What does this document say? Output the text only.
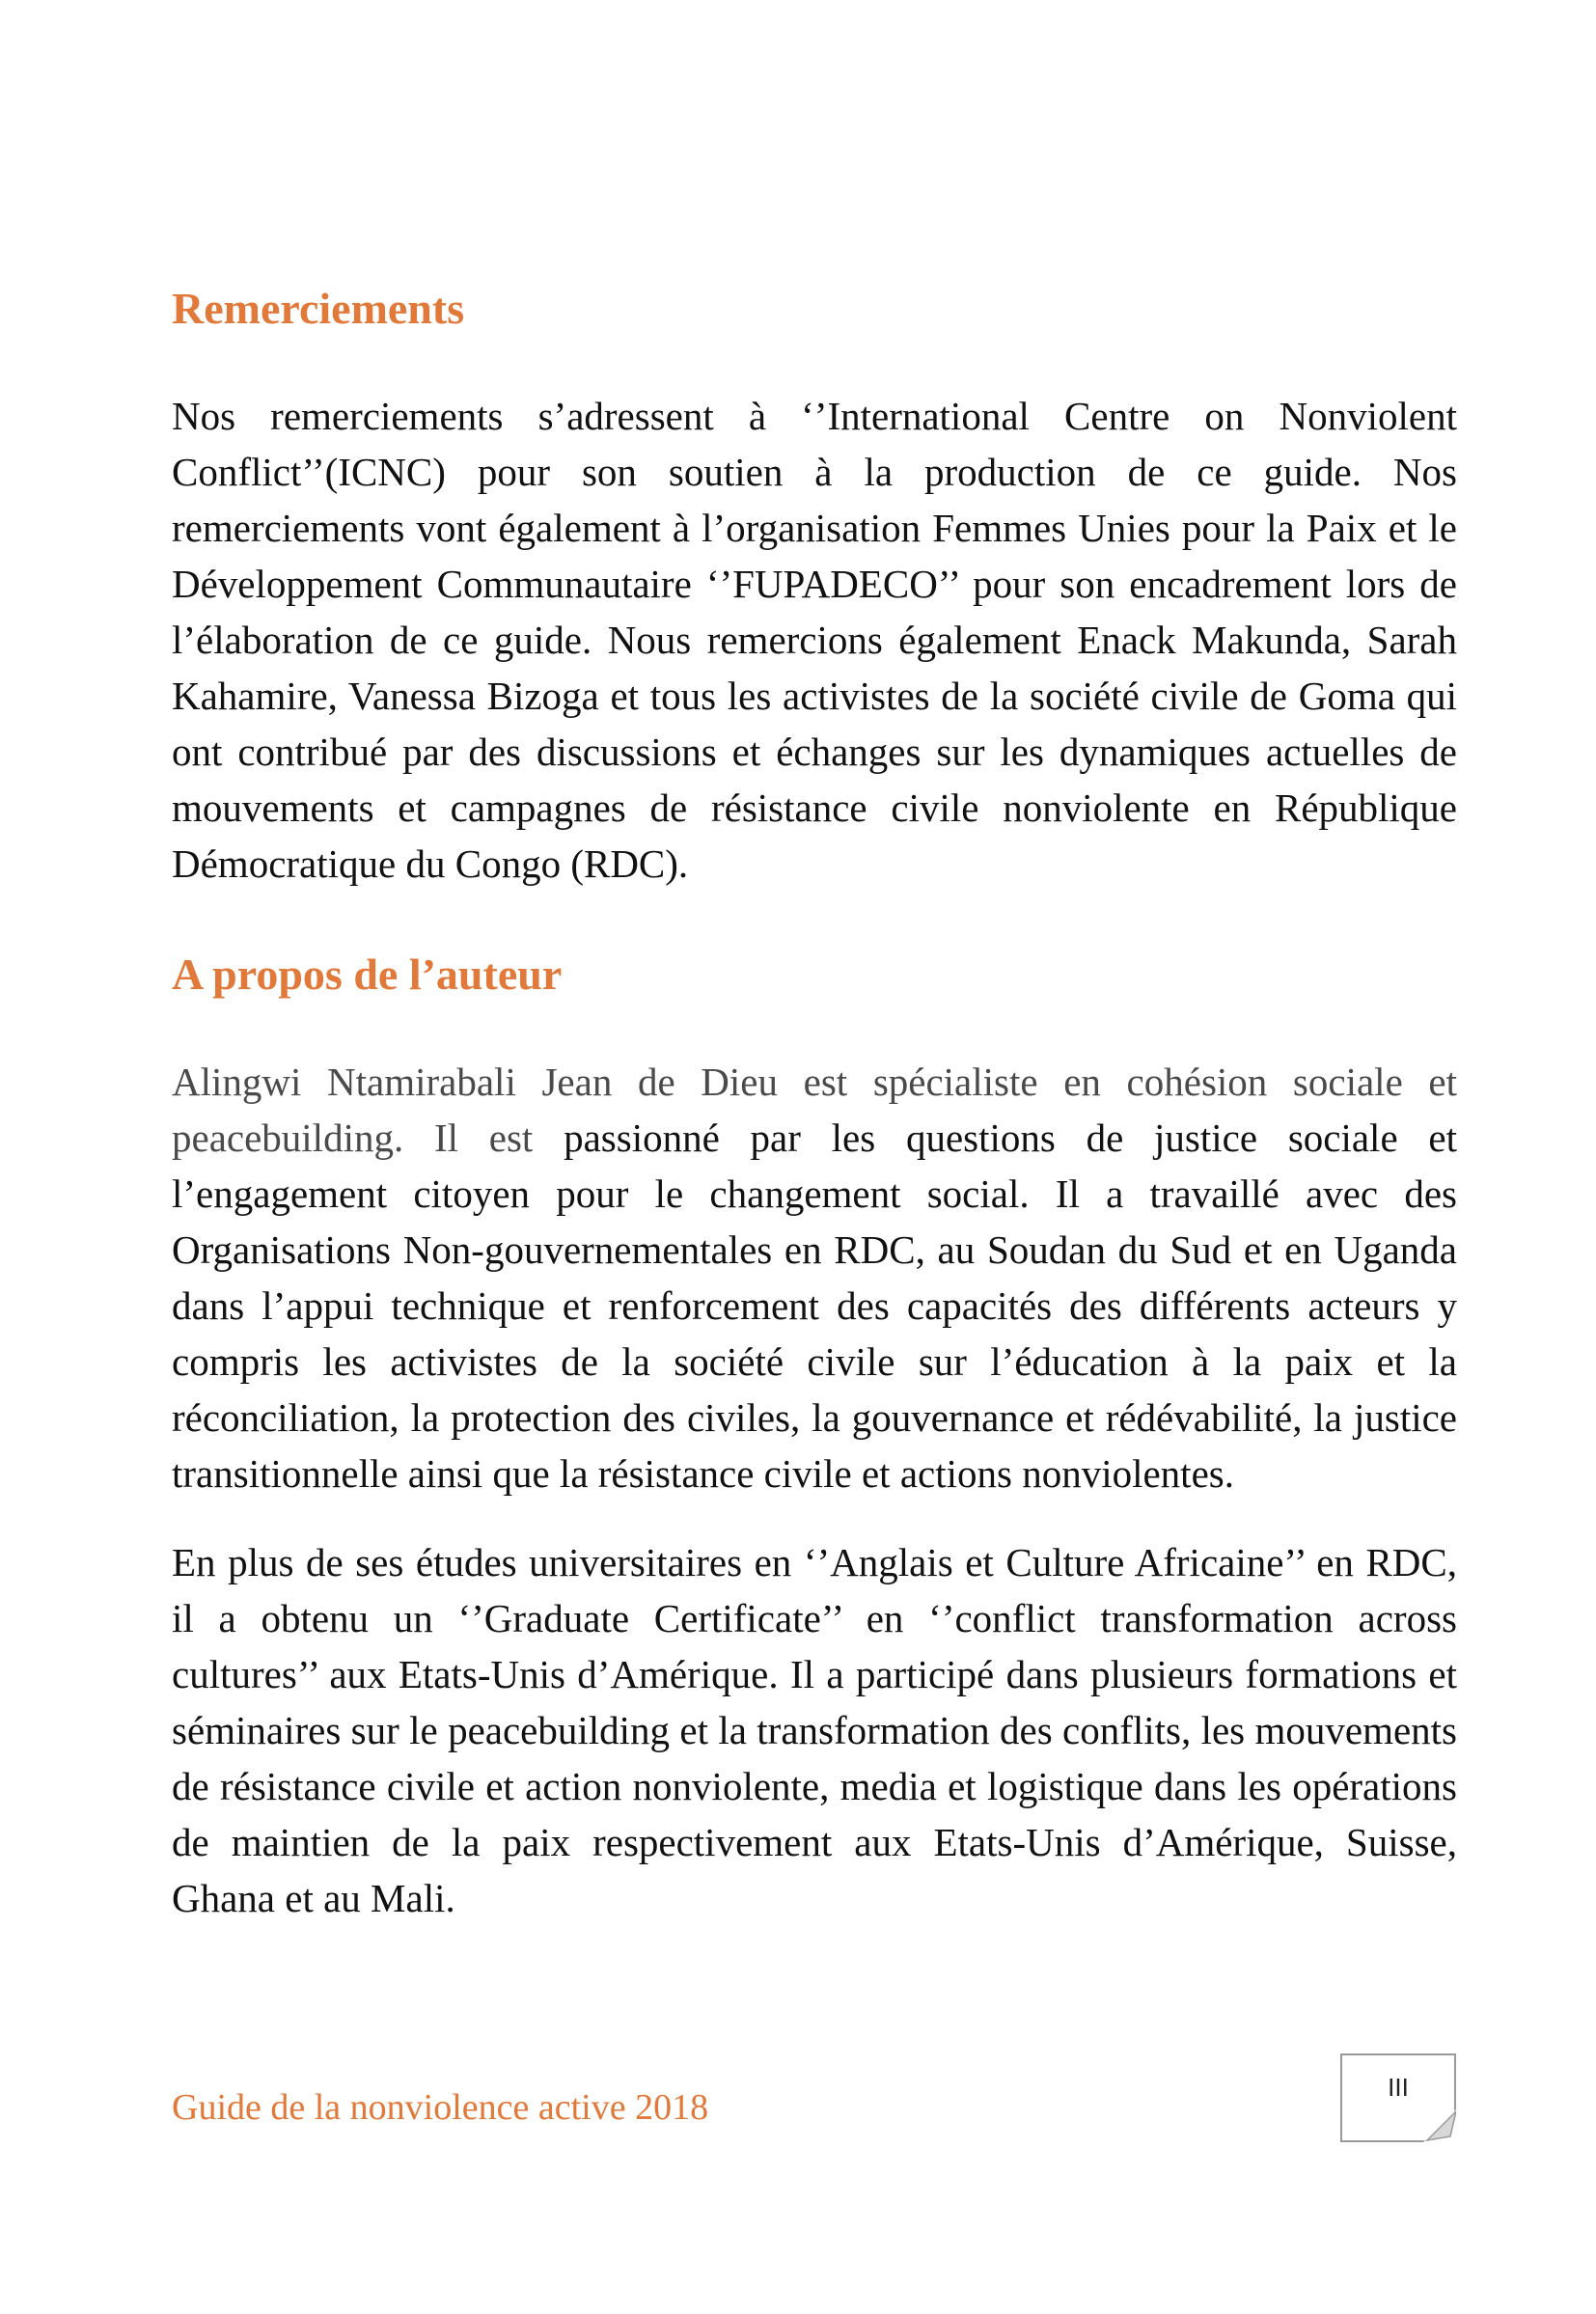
Remerciements

Nos remerciements s’adressent à ‘’International Centre on Nonviolent Conflict’’(ICNC) pour son soutien à la production de ce guide. Nos remerciements vont également à l’organisation Femmes Unies pour la Paix et le Développement Communautaire ‘’FUPADECO’’ pour son encadrement lors de l’élaboration de ce guide. Nous remercions également Enack Makunda, Sarah Kahamire, Vanessa Bizoga et tous les activistes de la société civile de Goma qui ont contribué par des discussions et échanges sur les dynamiques actuelles de mouvements et campagnes de résistance civile nonviolente en République Démocratique du Congo (RDC).

A propos de l’auteur

Alingwi Ntamirabali Jean de Dieu est spécialiste en cohésion sociale et peacebuilding. Il est passionné par les questions de justice sociale et l’engagement citoyen pour le changement social. Il a travaillé avec des Organisations Non-gouvernementales en RDC, au Soudan du Sud et en Uganda dans l’appui technique et renforcement des capacités des différents acteurs y compris les activistes de la société civile sur l’éducation à la paix et la réconciliation, la protection des civiles, la gouvernance et rédévabilité, la justice transitionnelle ainsi que la résistance civile et actions nonviolentes.

En plus de ses études universitaires en ‘’Anglais et Culture Africaine’’ en RDC, il a obtenu un ‘’Graduate Certificate’’ en ‘’conflict transformation across cultures’’ aux Etats-Unis d’Amérique. Il a participé dans plusieurs formations et séminaires sur le peacebuilding et la transformation des conflits, les mouvements de résistance civile et action nonviolente, media et logistique dans les opérations de maintien de la paix respectivement aux Etats-Unis d’Amérique, Suisse, Ghana et au Mali.

Guide de la nonviolence active 2018	III
